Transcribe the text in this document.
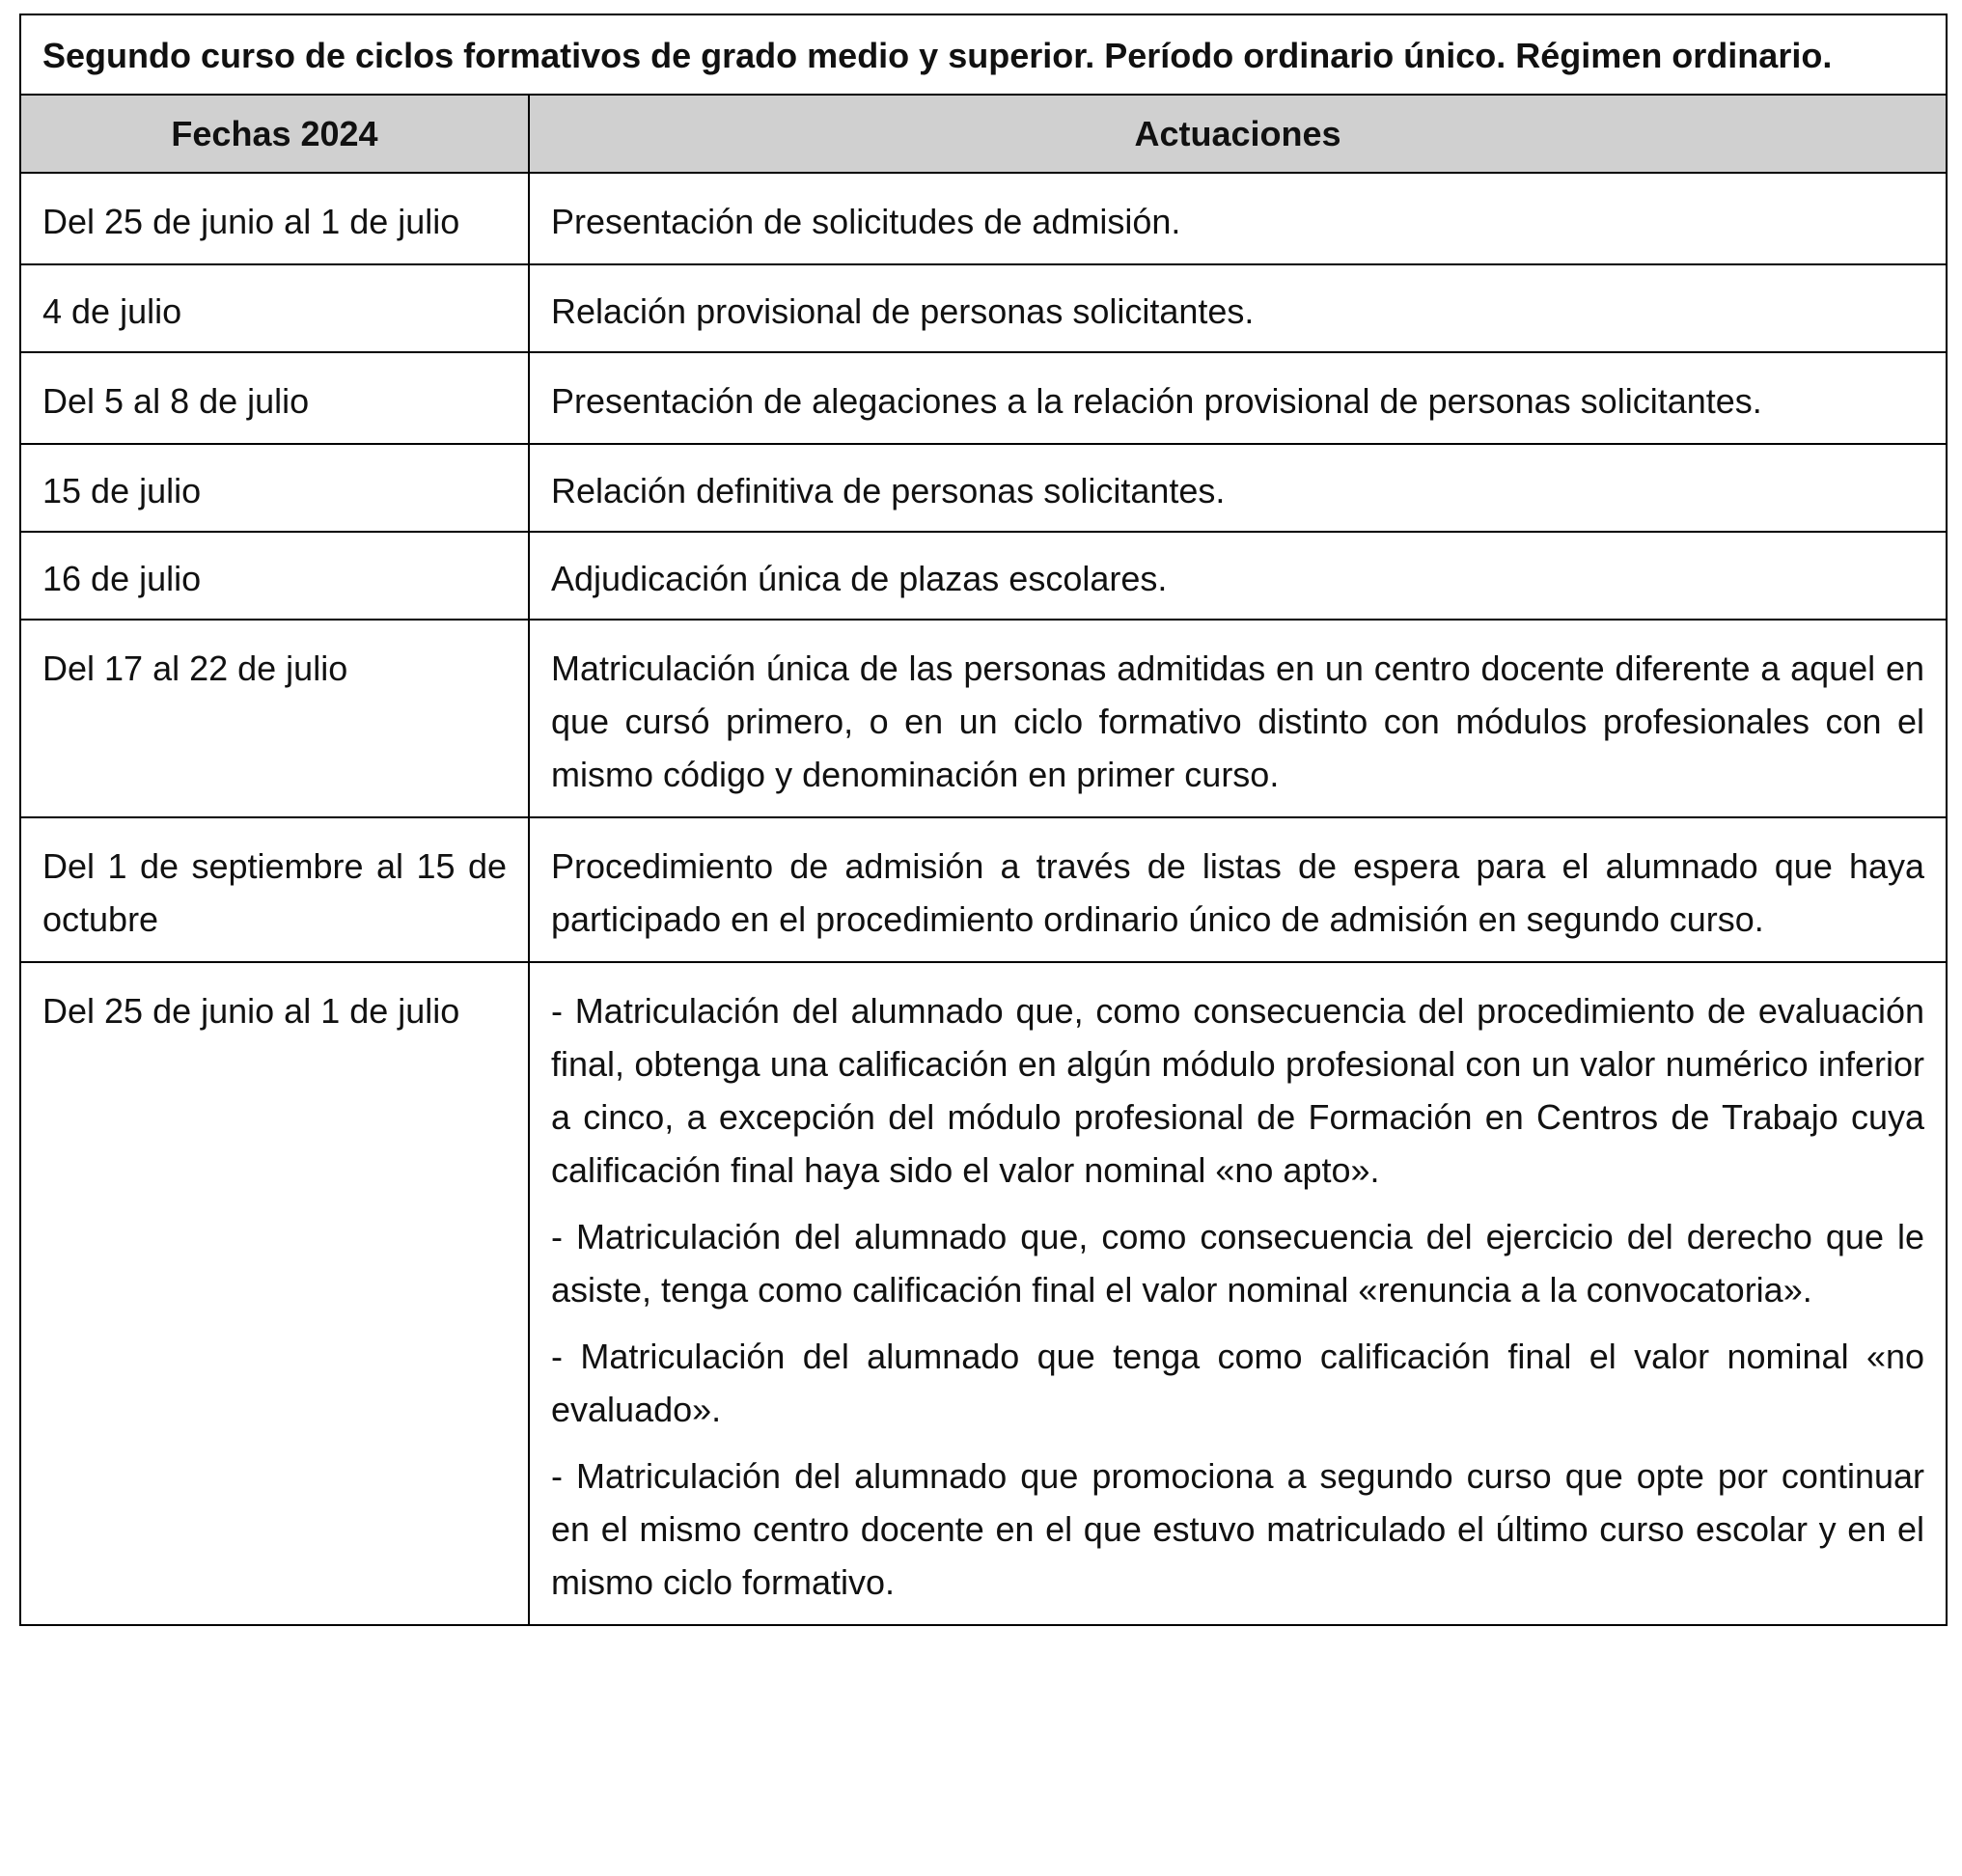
Segundo curso de ciclos formativos de grado medio y superior. Período ordinario único. Régimen ordinario.	
Fechas 2024	Actuaciones
Del 25 de junio al 1 de julio	Presentación de solicitudes de admisión.

4 de julio	Relación provisional de personas solicitantes.

Del 5 al 8 de julio	Presentación de alegaciones a la relación provisional de personas solicitantes.

15 de julio	Relación definitiva de personas solicitantes.

16 de julio	Adjudicación única de plazas escolares.

Del 17 al 22 de julio	Matriculación única de las personas admitidas en un centro docente diferente a aquel en que cursó primero, o en un ciclo formativo distinto con módulos profesionales con el mismo código y denominación en primer curso.

Del 1 de septiembre al 15 de octubre	Procedimiento de admisión a través de listas de espera para el alumnado que haya participado en el procedimiento ordinario único de admisión en segundo curso.

Del 25 de junio al 1 de julio	- Matriculación del alumnado que, como consecuencia del procedimiento de evaluación final, obtenga una calificación en algún módulo profesional con un valor numérico inferior a cinco, a excepción del módulo profesional de Formación en Centros de Trabajo cuya calificación final haya sido el valor nominal «no apto».
- Matriculación del alumnado que, como consecuencia del ejercicio del derecho que le asiste, tenga como calificación final el valor nominal «renuncia a la convocatoria».
- Matriculación del alumnado que tenga como calificación final el valor nominal «no evaluado».
- Matriculación del alumnado que promociona a segundo curso que opte por continuar en el mismo centro docente en el que estuvo matriculado el último curso escolar y en el mismo ciclo formativo.
